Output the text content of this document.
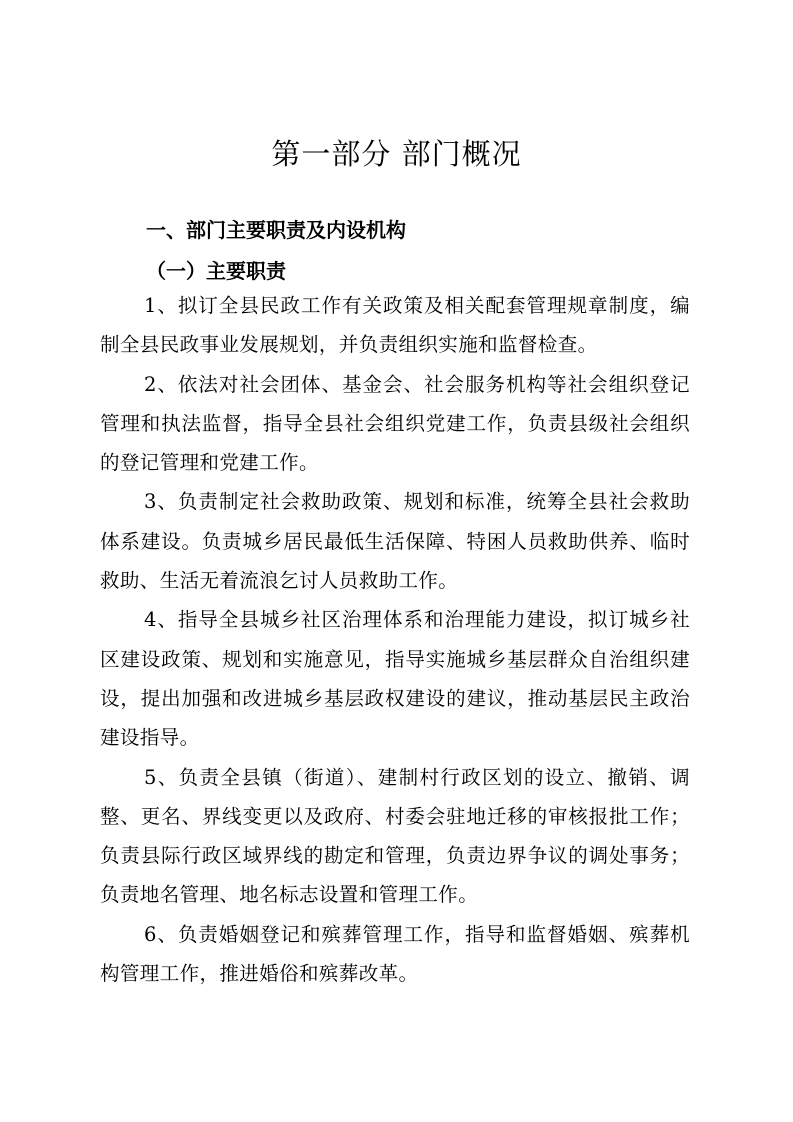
第一部分 部门概况
一、部门主要职责及内设机构
（一）主要职责

1、拟订全县民政工作有关政策及相关配套管理规章制度，编制全县民政事业发展规划，并负责组织实施和监督检查。

2、依法对社会团体、基金会、社会服务机构等社会组织登记管理和执法监督，指导全县社会组织党建工作，负责县级社会组织的登记管理和党建工作。

3、负责制定社会救助政策、规划和标准，统筹全县社会救助体系建设。负责城乡居民最低生活保障、特困人员救助供养、临时救助、生活无着流浪乞讨人员救助工作。

4、指导全县城乡社区治理体系和治理能力建设，拟订城乡社区建设政策、规划和实施意见，指导实施城乡基层群众自治组织建设，提出加强和改进城乡基层政权建设的建议，推动基层民主政治建设指导。

5、负责全县镇（街道）、建制村行政区划的设立、撤销、调整、更名、界线变更以及政府、村委会驻地迁移的审核报批工作；负责县际行政区域界线的勘定和管理，负责边界争议的调处事务；负责地名管理、地名标志设置和管理工作。

6、负责婚姻登记和殡葬管理工作，指导和监督婚姻、殡葬机构管理工作，推进婚俗和殡葬改革。
